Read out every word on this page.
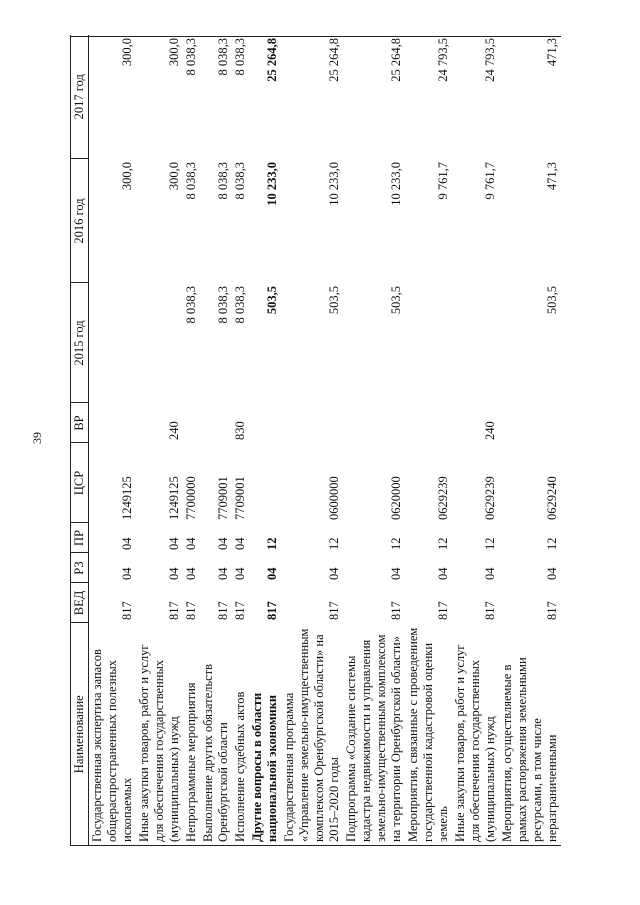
39
Наименование	ВЕД	РЗ	ПР	ЦСР	ВР	2015 год	2016 год	2017 год
Государственная экспертиза запасов общераспространенных полезных ископаемых	817	04	04	1249125			300,0	300,0
Иные закупки товаров, работ и услуг для обеспечения государственных (муниципальных) нужд	817	04	04	1249125	240		300,0	300,0
Непрограммные мероприятия	817	04	04	7700000		8 038,3	8 038,3	8 038,3
Выполнение других обязательств Оренбургской области	817	04	04	7709001		8 038,3	8 038,3	8 038,3
Исполнение судебных актов	817	04	04	7709001	830	8 038,3	8 038,3	8 038,3
Другие вопросы в области национальной экономики	817	04	12			503,5	10 233,0	25 264,8
Государственная программа «Управление земельно-имущественным комплексом Оренбургской области» на 2015–2020 годы	817	04	12	0600000		503,5	10 233,0	25 264,8
Подпрограмма «Создание системы кадастра недвижимости и управления земельно-имущественным комплексом на территории Оренбургской области»	817	04	12	0620000		503,5	10 233,0	25 264,8
Мероприятия, связанные с проведением государственной кадастровой оценки земель	817	04	12	0629239			9 761,7	24 793,5
Иные закупки товаров, работ и услуг для обеспечения государственных (муниципальных) нужд	817	04	12	0629239	240		9 761,7	24 793,5
Мероприятия, осуществляемые в рамках распоряжения земельными ресурсами, в том числе неразграниченными	817	04	12	0629240		503,5	471,3	471,3
